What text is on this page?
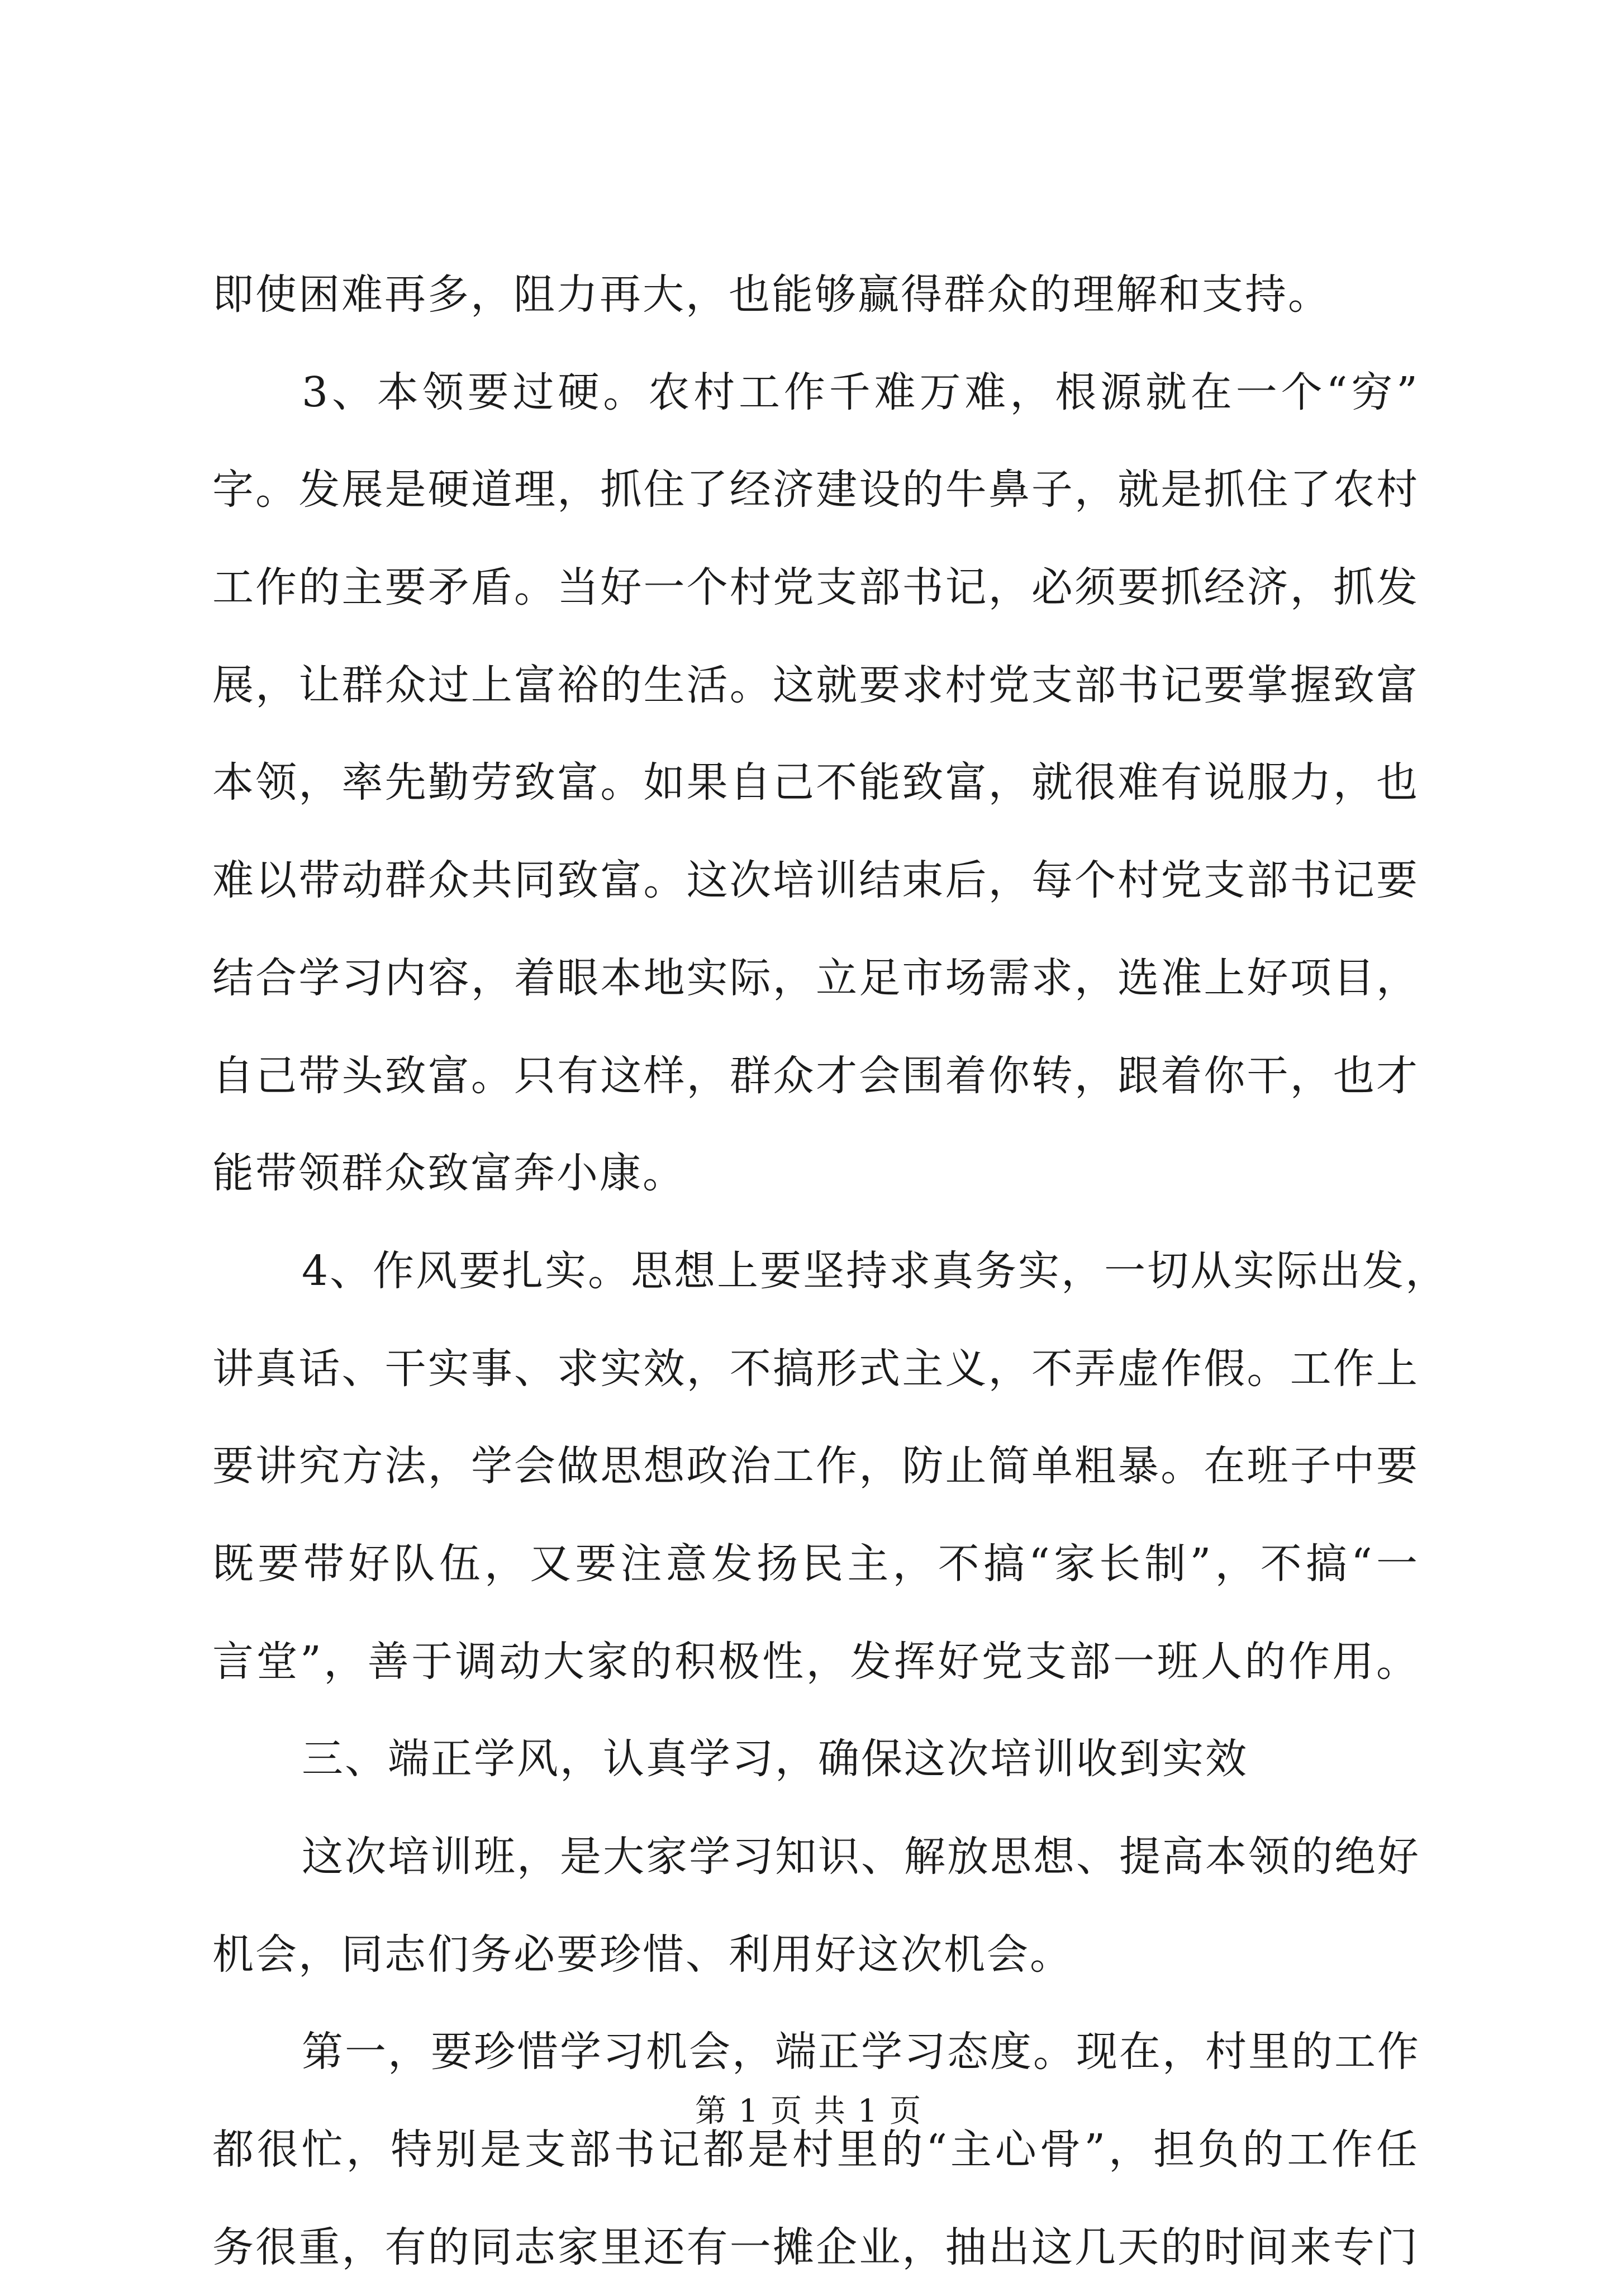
即使困难再多，阻力再大，也能够赢得群众的理解和支持。
3、本领要过硬。农村工作千难万难，根源就在一个“穷”
字。发展是硬道理，抓住了经济建设的牛鼻子，就是抓住了农村
工作的主要矛盾。当好一个村党支部书记，必须要抓经济，抓发
展，让群众过上富裕的生活。这就要求村党支部书记要掌握致富
本领，率先勤劳致富。如果自己不能致富，就很难有说服力，也
难以带动群众共同致富。这次培训结束后，每个村党支部书记要
结合学习内容，着眼本地实际，立足市场需求，选准上好项目，
自己带头致富。只有这样，群众才会围着你转，跟着你干，也才
能带领群众致富奔小康。
4、作风要扎实。思想上要坚持求真务实，一切从实际出发，
讲真话、干实事、求实效，不搞形式主义，不弄虚作假。工作上
要讲究方法，学会做思想政治工作，防止简单粗暴。在班子中要
既要带好队伍，又要注意发扬民主，不搞“家长制”，不搞“一
言堂”，善于调动大家的积极性，发挥好党支部一班人的作用。
三、端正学风，认真学习，确保这次培训收到实效
这次培训班，是大家学习知识、解放思想、提高本领的绝好
机会，同志们务必要珍惜、利用好这次机会。
第一，要珍惜学习机会，端正学习态度。现在，村里的工作
都很忙，特别是支部书记都是村里的“主心骨”，担负的工作任
务很重，有的同志家里还有一摊企业，抽出这几天的时间来专门
第 1 页 共 1 页
